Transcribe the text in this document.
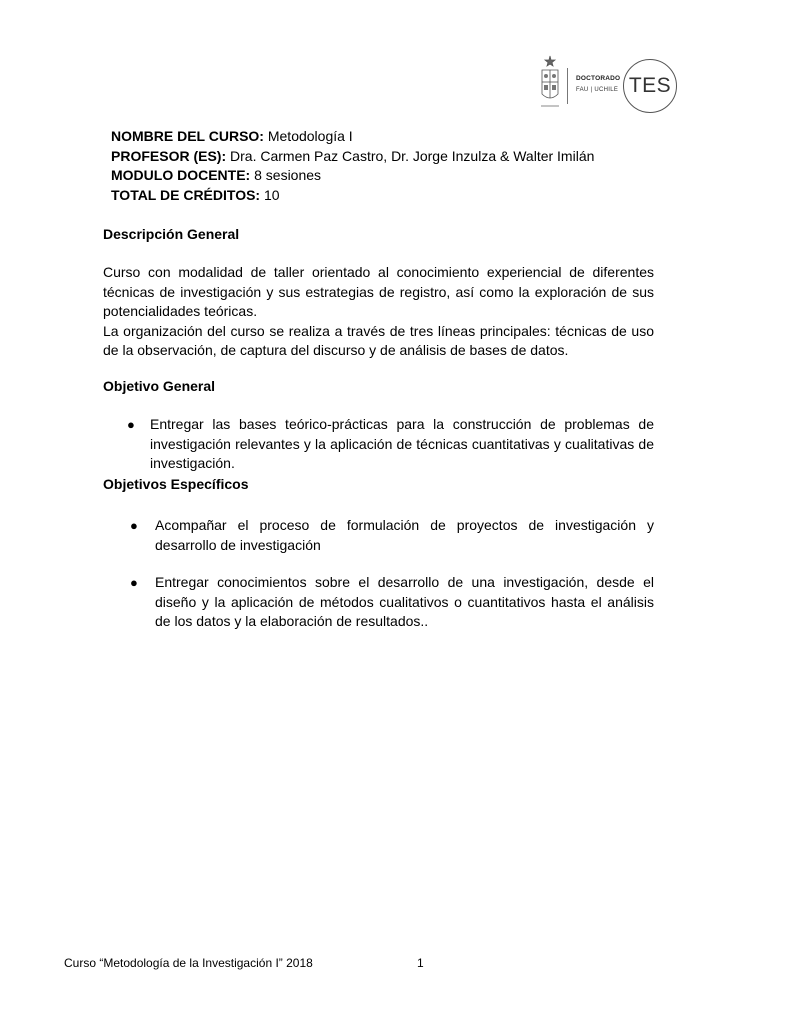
DOCTORADO
FAU | UCHILE TES
NOMBRE DEL CURSO: Metodología I
PROFESOR (ES): Dra. Carmen Paz Castro, Dr. Jorge Inzulza & Walter Imilán
MODULO DOCENTE: 8 sesiones
TOTAL DE CRÉDITOS: 10
Descripción General

Curso con modalidad de taller orientado al conocimiento experiencial de diferentes técnicas de investigación y sus estrategias de registro, así como la exploración de sus potencialidades teóricas.

La organización del curso se realiza a través de tres líneas principales: técnicas de uso de la observación, de captura del discurso y de análisis de bases de datos.

Objetivo General
● Entregar las bases teórico-prácticas para la construcción de problemas de investigación relevantes y la aplicación de técnicas cuantitativas y cualitativas de investigación.
Objetivos Específicos
● Acompañar el proceso de formulación de proyectos de investigación y desarrollo de investigación
● Entregar conocimientos sobre el desarrollo de una investigación, desde el diseño y la aplicación de métodos cualitativos o cuantitativos hasta el análisis de los datos y la elaboración de resultados..
Curso “Metodología de la Investigación I” 2018	1
